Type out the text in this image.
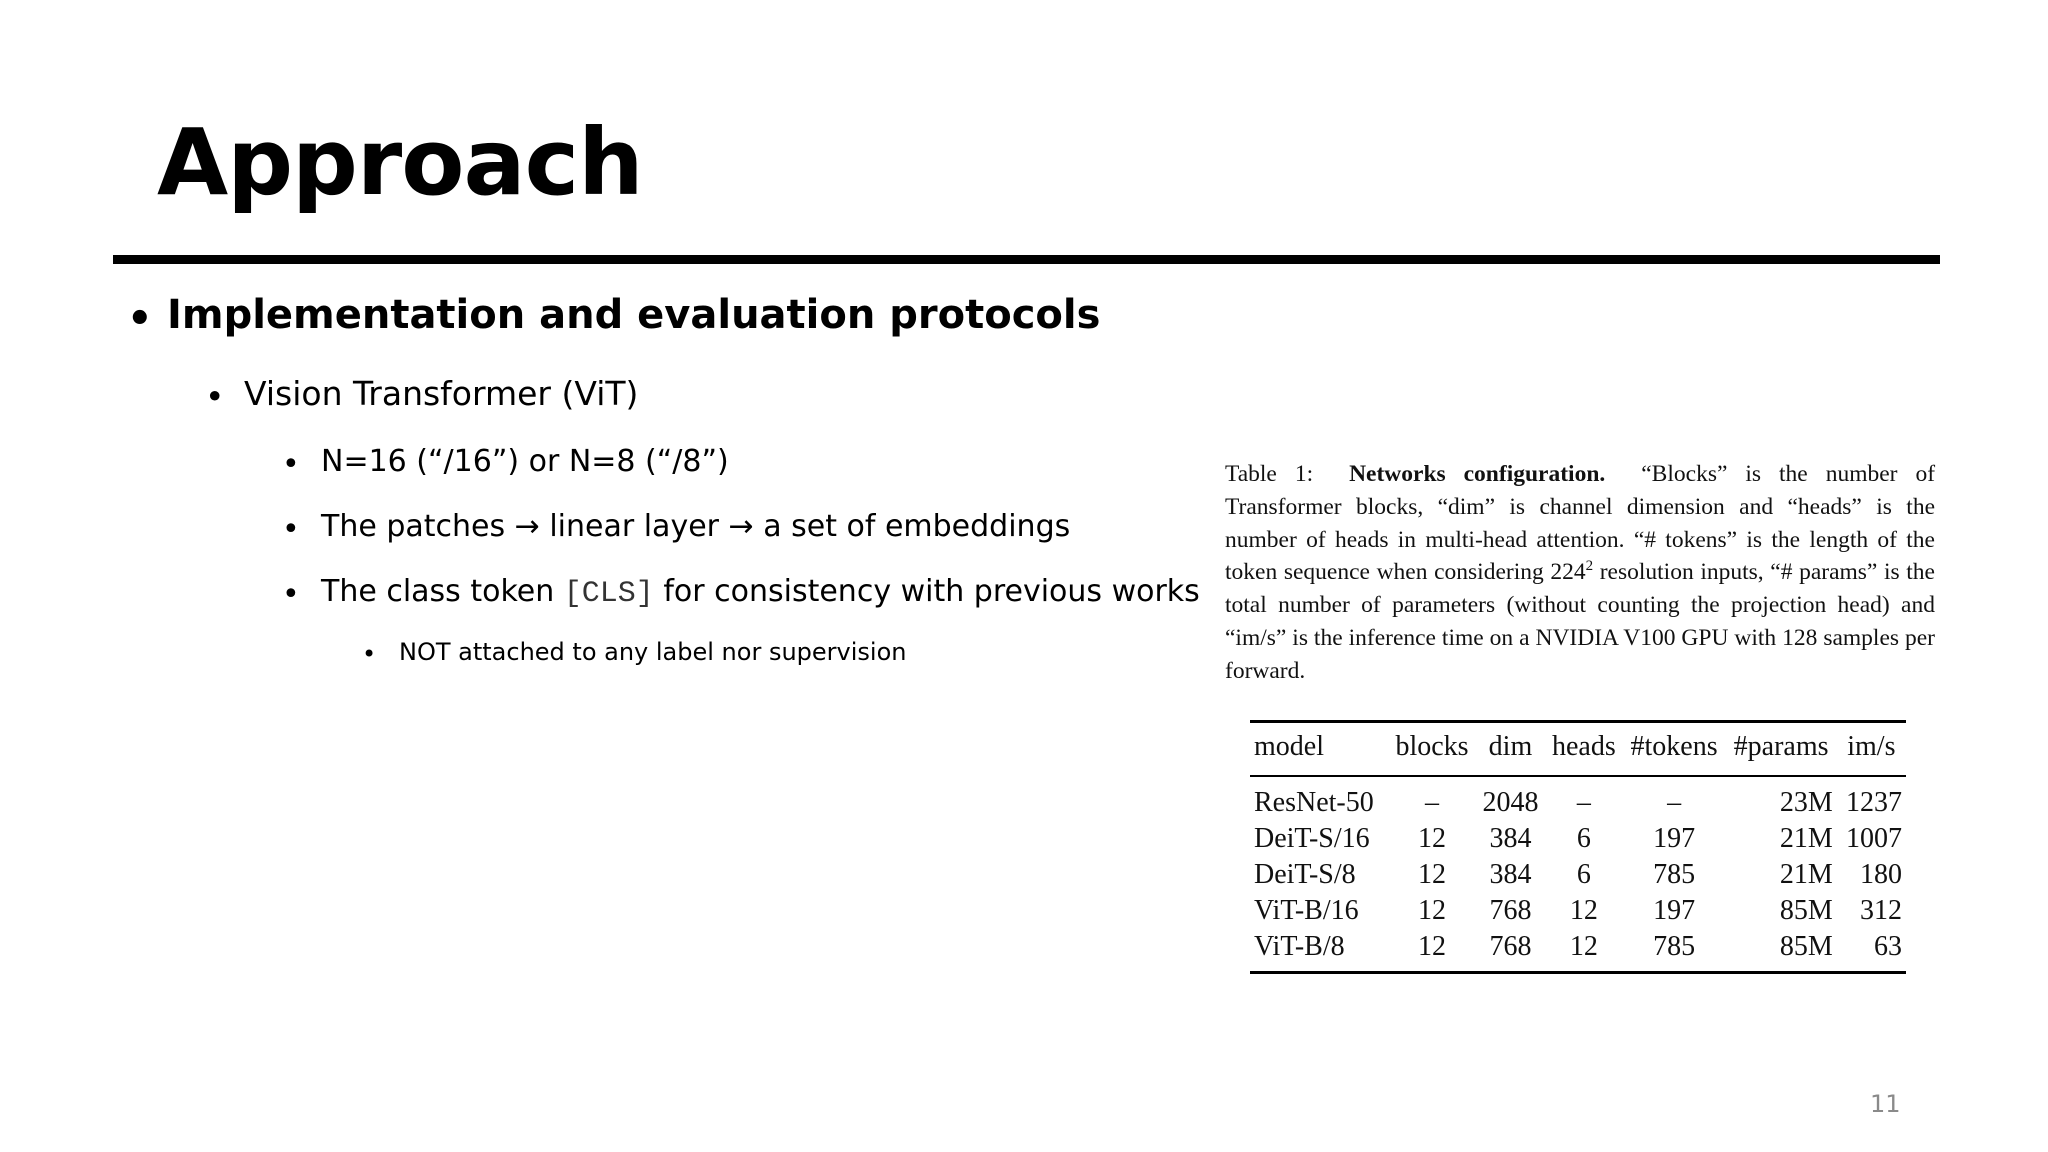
Approach
• Implementation and evaluation protocols
• Vision Transformer (ViT)
• N=16 (“/16”) or N=8 (“/8”)
• The patches → linear layer → a set of embeddings
• The class token [CLS] for consistency with previous works
• NOT attached to any label nor supervision

Table 1: Networks configuration. “Blocks” is the number of Transformer blocks, “dim” is channel dimension and “heads” is the number of heads in multi-head attention. “# tokens” is the length of the token sequence when considering $224^2$ resolution inputs, “# params” is the total number of parameters (without counting the projection head) and “im/s” is the inference time on a NVIDIA V100 GPU with 128 samples per forward.

model	blocks	dim	heads	#tokens	#params	im/s
ResNet-50	–	2048	–	–	23M	1237
DeiT-S/16	12	384	6	197	21M	1007
DeiT-S/8	12	384	6	785	21M	180
ViT-B/16	12	768	12	197	85M	312
ViT-B/8	12	768	12	785	85M	63
11
